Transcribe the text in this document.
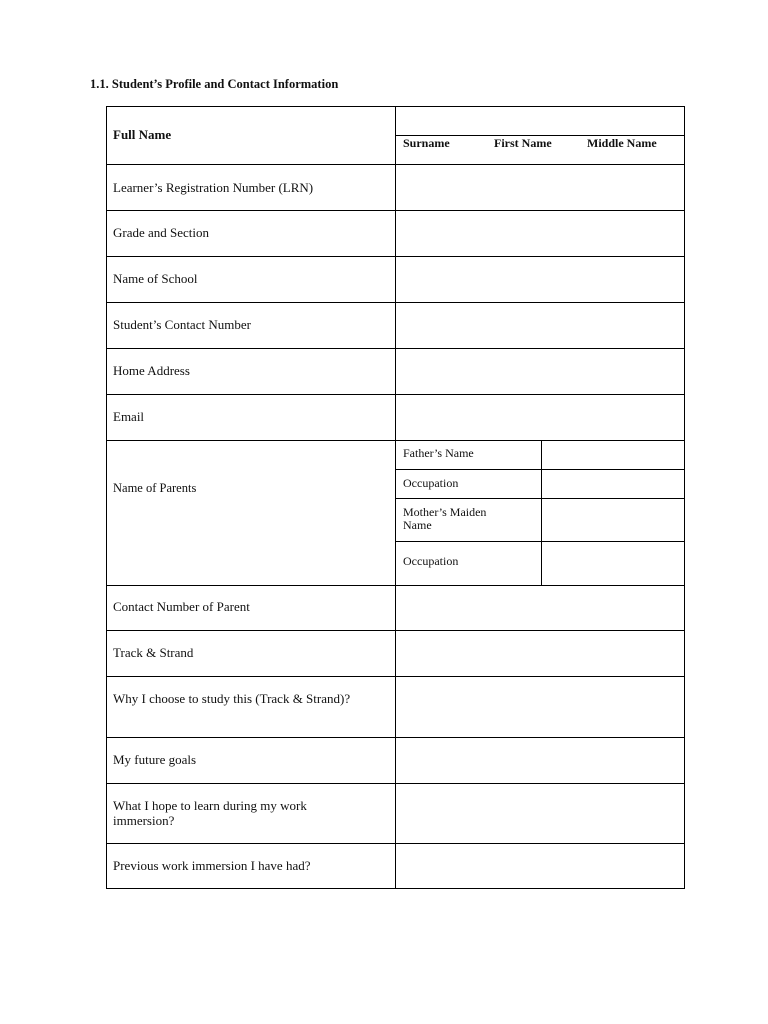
1.1. Student’s Profile and Contact Information
Full Name
Surname	First Name	Middle Name
Learner’s Registration Number (LRN)
Grade and Section
Name of School
Student’s Contact Number
Home Address
Email
Name of Parents
Father’s Name
Occupation
Mother’s Maiden Name
Occupation
Contact Number of Parent
Track & Strand
Why I choose to study this (Track & Strand)?
My future goals
What I hope to learn during my work immersion?
Previous work immersion I have had?
